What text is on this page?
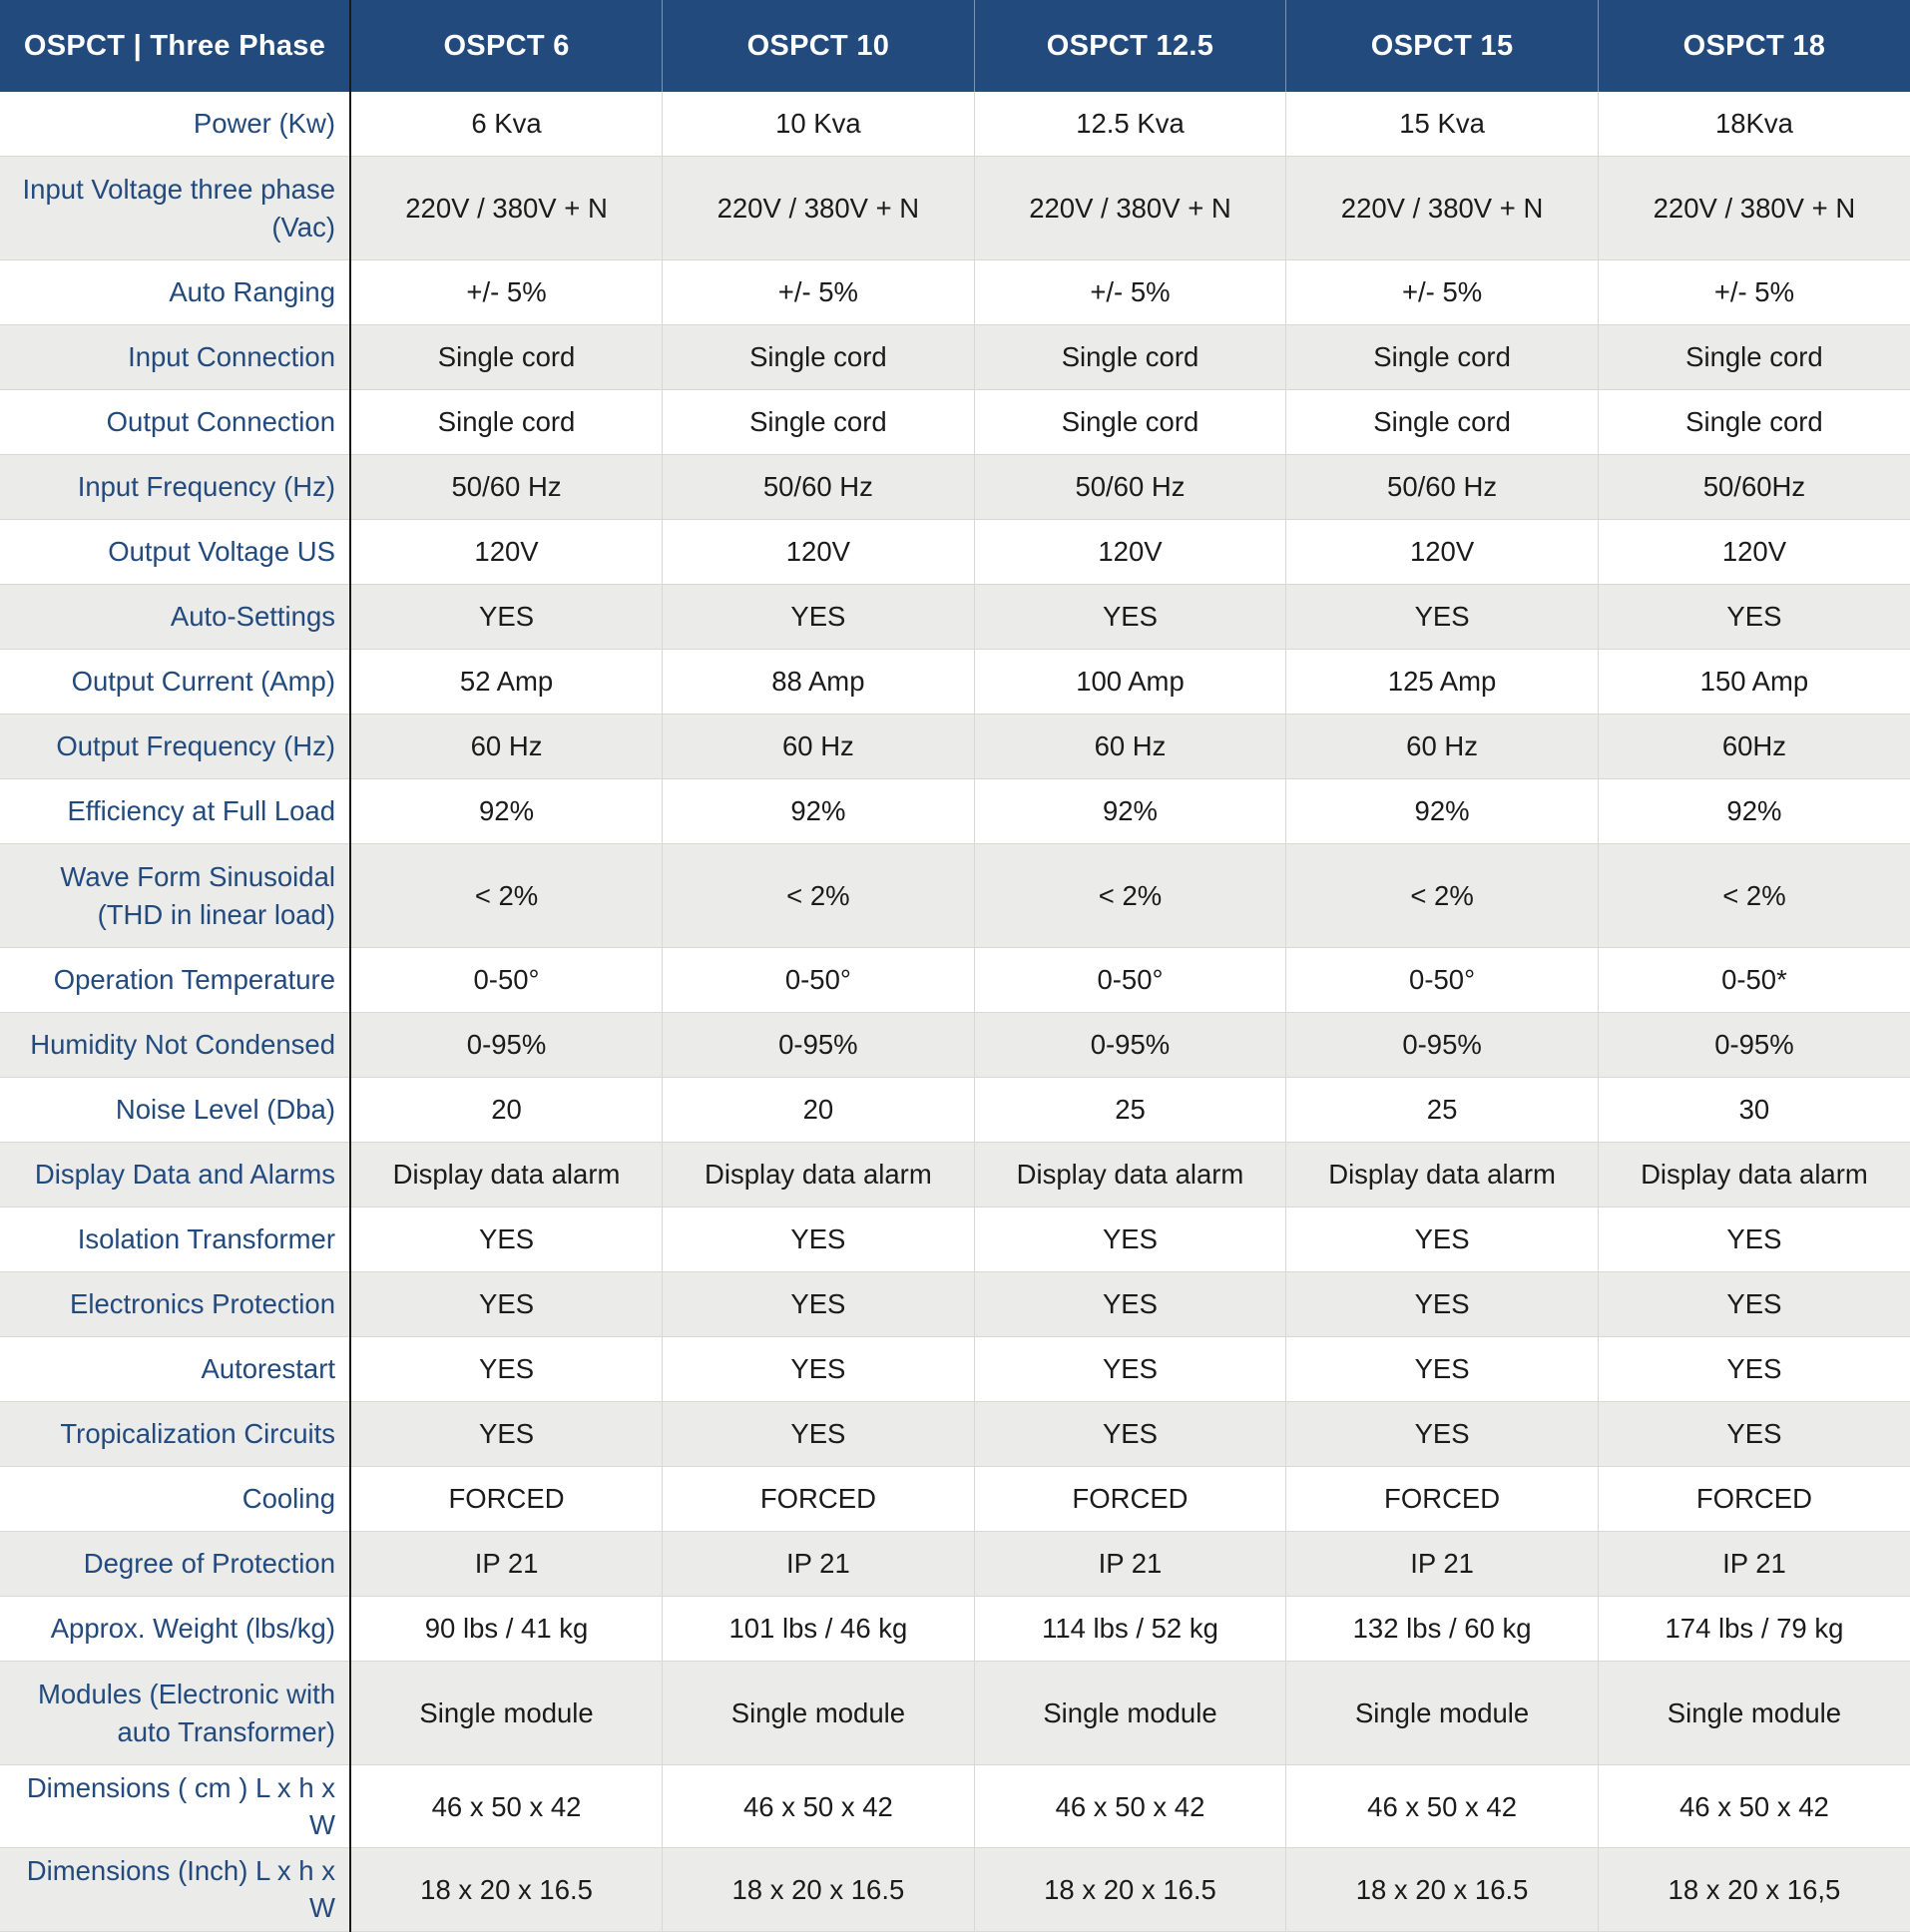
OSPCT | Three Phase	OSPCT 6	OSPCT 10	OSPCT 12.5	OSPCT 15	OSPCT 18
Power (Kw)	6 Kva	10 Kva	12.5 Kva	15 Kva	18Kva
Input Voltage three phase (Vac)	220V / 380V + N	220V / 380V + N	220V / 380V + N	220V / 380V + N	220V / 380V + N
Auto Ranging	+/- 5%	+/- 5%	+/- 5%	+/- 5%	+/- 5%
Input Connection	Single cord	Single cord	Single cord	Single cord	Single cord
Output Connection	Single cord	Single cord	Single cord	Single cord	Single cord
Input Frequency (Hz)	50/60 Hz	50/60 Hz	50/60 Hz	50/60 Hz	50/60Hz
Output Voltage US	120V	120V	120V	120V	120V
Auto-Settings	YES	YES	YES	YES	YES
Output Current (Amp)	52 Amp	88 Amp	100 Amp	125 Amp	150 Amp
Output Frequency (Hz)	60 Hz	60 Hz	60 Hz	60 Hz	60Hz
Efficiency at Full Load	92%	92%	92%	92%	92%
Wave Form Sinusoidal (THD in linear load)	< 2%	< 2%	< 2%	< 2%	< 2%
Operation Temperature	0-50°	0-50°	0-50°	0-50°	0-50*
Humidity Not Condensed	0-95%	0-95%	0-95%	0-95%	0-95%
Noise Level (Dba)	20	20	25	25	30
Display Data and Alarms	Display data alarm	Display data alarm	Display data alarm	Display data alarm	Display data alarm
Isolation Transformer	YES	YES	YES	YES	YES
Electronics Protection	YES	YES	YES	YES	YES
Autorestart	YES	YES	YES	YES	YES
Tropicalization Circuits	YES	YES	YES	YES	YES
Cooling	FORCED	FORCED	FORCED	FORCED	FORCED
Degree of Protection	IP 21	IP 21	IP 21	IP 21	IP 21
Approx. Weight (lbs/kg)	90 lbs / 41 kg	101 lbs / 46 kg	114 lbs / 52 kg	132 lbs / 60 kg	174 lbs / 79 kg
Modules (Electronic with auto Transformer)	Single module	Single module	Single module	Single module	Single module
Dimensions ( cm ) L x h x W	46 x 50 x 42	46 x 50 x 42	46 x 50 x 42	46 x 50 x 42	46 x 50 x 42
Dimensions (Inch) L x h x W	18 x 20 x 16.5	18 x 20 x 16.5	18 x 20 x 16.5	18 x 20 x 16.5	18 x 20 x 16,5
